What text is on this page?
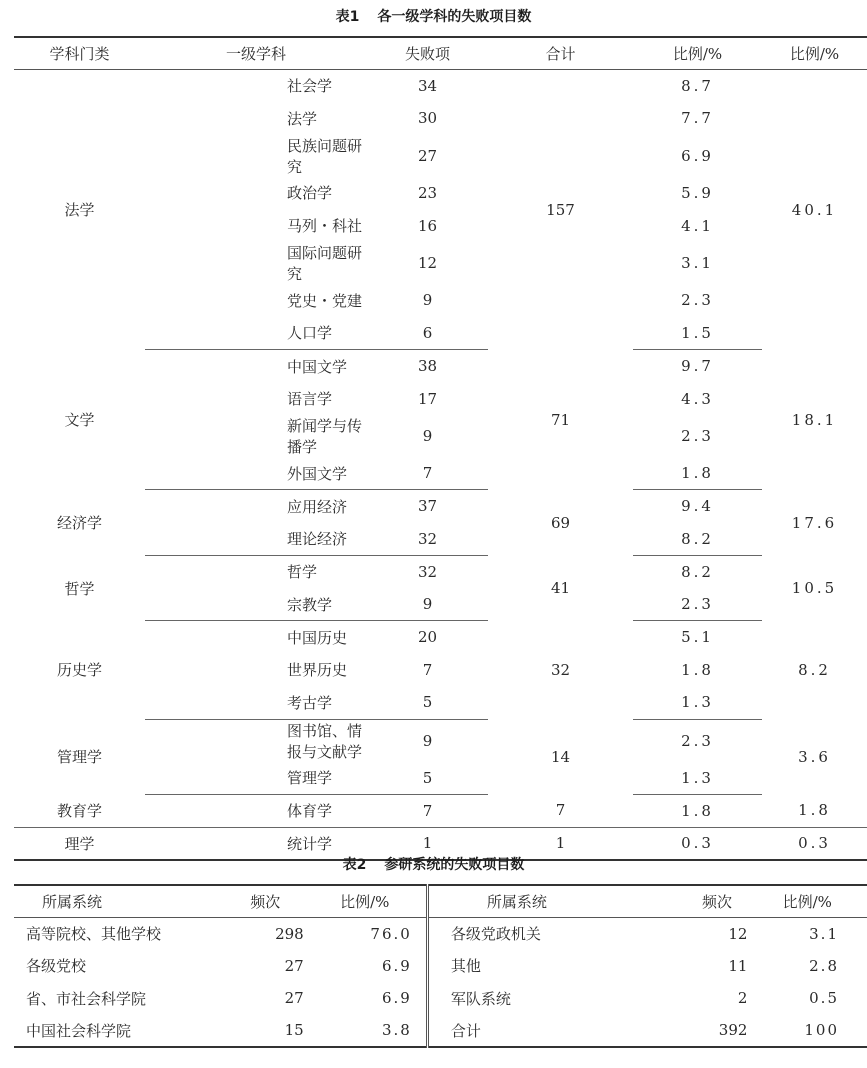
表1 各一级学科的失败项目数
学科门类	一级学科	失败项	合计	比例/%	比例/%
法学	社会学	34	157	8.7	40.1
	法学	30		7.7	
	民族问题研究	27		6.9	
	政治学	23		5.9	
	马列・科社	16		4.1	
	国际问题研究	12		3.1	
	党史・党建	9		2.3	
	人口学	6		1.5	
文学	中国文学	38	71	9.7	18.1
	语言学	17		4.3	
	新闻学与传播学	9		2.3	
	外国文学	7		1.8	
经济学	应用经济	37	69	9.4	17.6
	理论经济	32		8.2	
哲学	哲学	32	41	8.2	10.5
	宗教学	9		2.3	
历史学	中国历史	20	32	5.1	8.2
	世界历史	7		1.8	
	考古学	5		1.3	
管理学	图书馆、情报与文献学	9	14	2.3	3.6
	管理学	5		1.3	
教育学	体育学	7	7	1.8	1.8
理学	统计学	1	1	0.3	0.3
表2 参研系统的失败项目数
所属系统	频次	比例/%	所属系统	频次	比例/%
高等院校、其他学校	298	76.0	各级党政机关	12	3.1
各级党校	27	6.9	其他	11	2.8
省、市社会科学院	27	6.9	军队系统	2	0.5
中国社会科学院	15	3.8	合计	392	100
